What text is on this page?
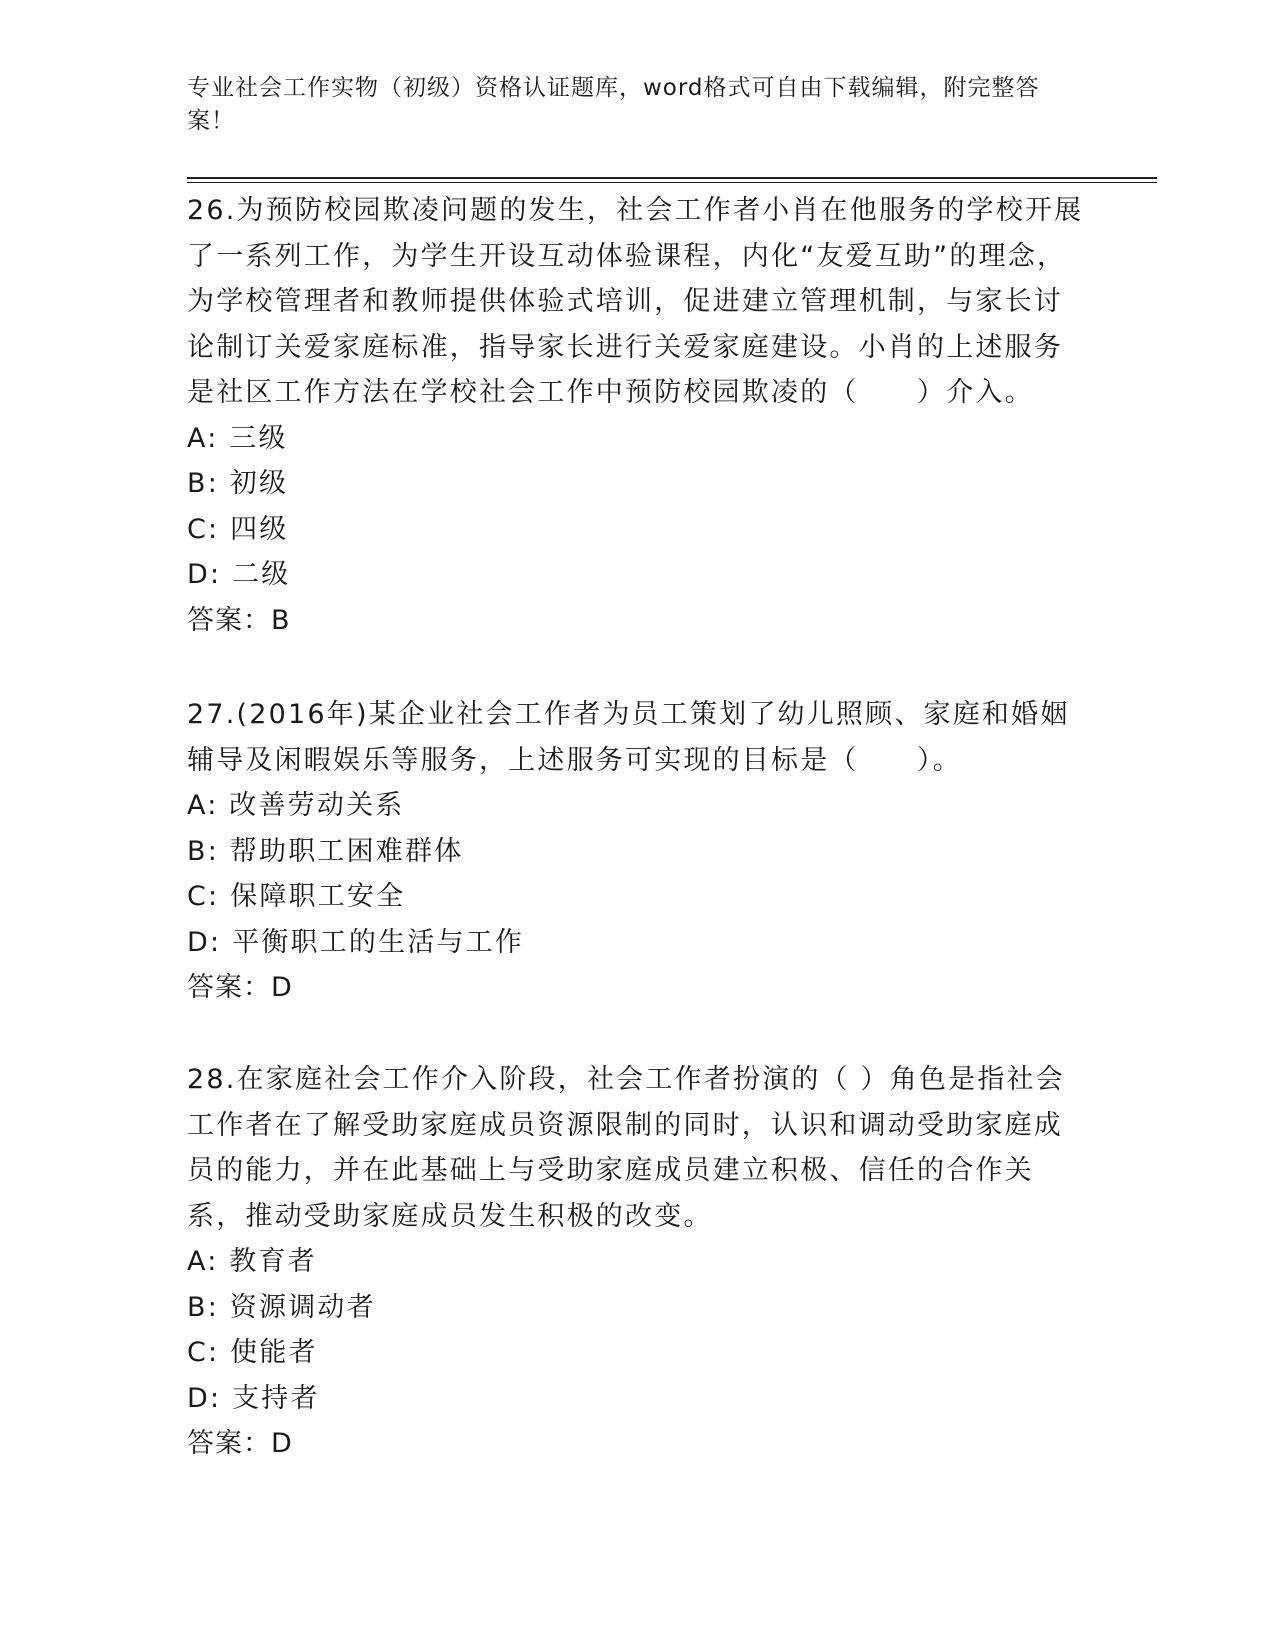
专业社会工作实物（初级）资格认证题库，word格式可自由下载编辑，附完整答案！
26.为预防校园欺凌问题的发生，社会工作者小肖在他服务的学校开展了一系列工作，为学生开设互动体验课程，内化“友爱互助”的理念，为学校管理者和教师提供体验式培训，促进建立管理机制，与家长讨论制订关爱家庭标准，指导家长进行关爱家庭建设。小肖的上述服务是社区工作方法在学校社会工作中预防校园欺凌的（　　）介入。
A: 三级
B: 初级
C: 四级
D: 二级
答案：B
27.(2016年)某企业社会工作者为员工策划了幼儿照顾、家庭和婚姻辅导及闲暇娱乐等服务，上述服务可实现的目标是（　　）。
A: 改善劳动关系
B: 帮助职工困难群体
C: 保障职工安全
D: 平衡职工的生活与工作
答案：D
28.在家庭社会工作介入阶段，社会工作者扮演的（ ）角色是指社会工作者在了解受助家庭成员资源限制的同时，认识和调动受助家庭成员的能力，并在此基础上与受助家庭成员建立积极、信任的合作关系，推动受助家庭成员发生积极的改变。
A: 教育者
B: 资源调动者
C: 使能者
D: 支持者
答案：D
